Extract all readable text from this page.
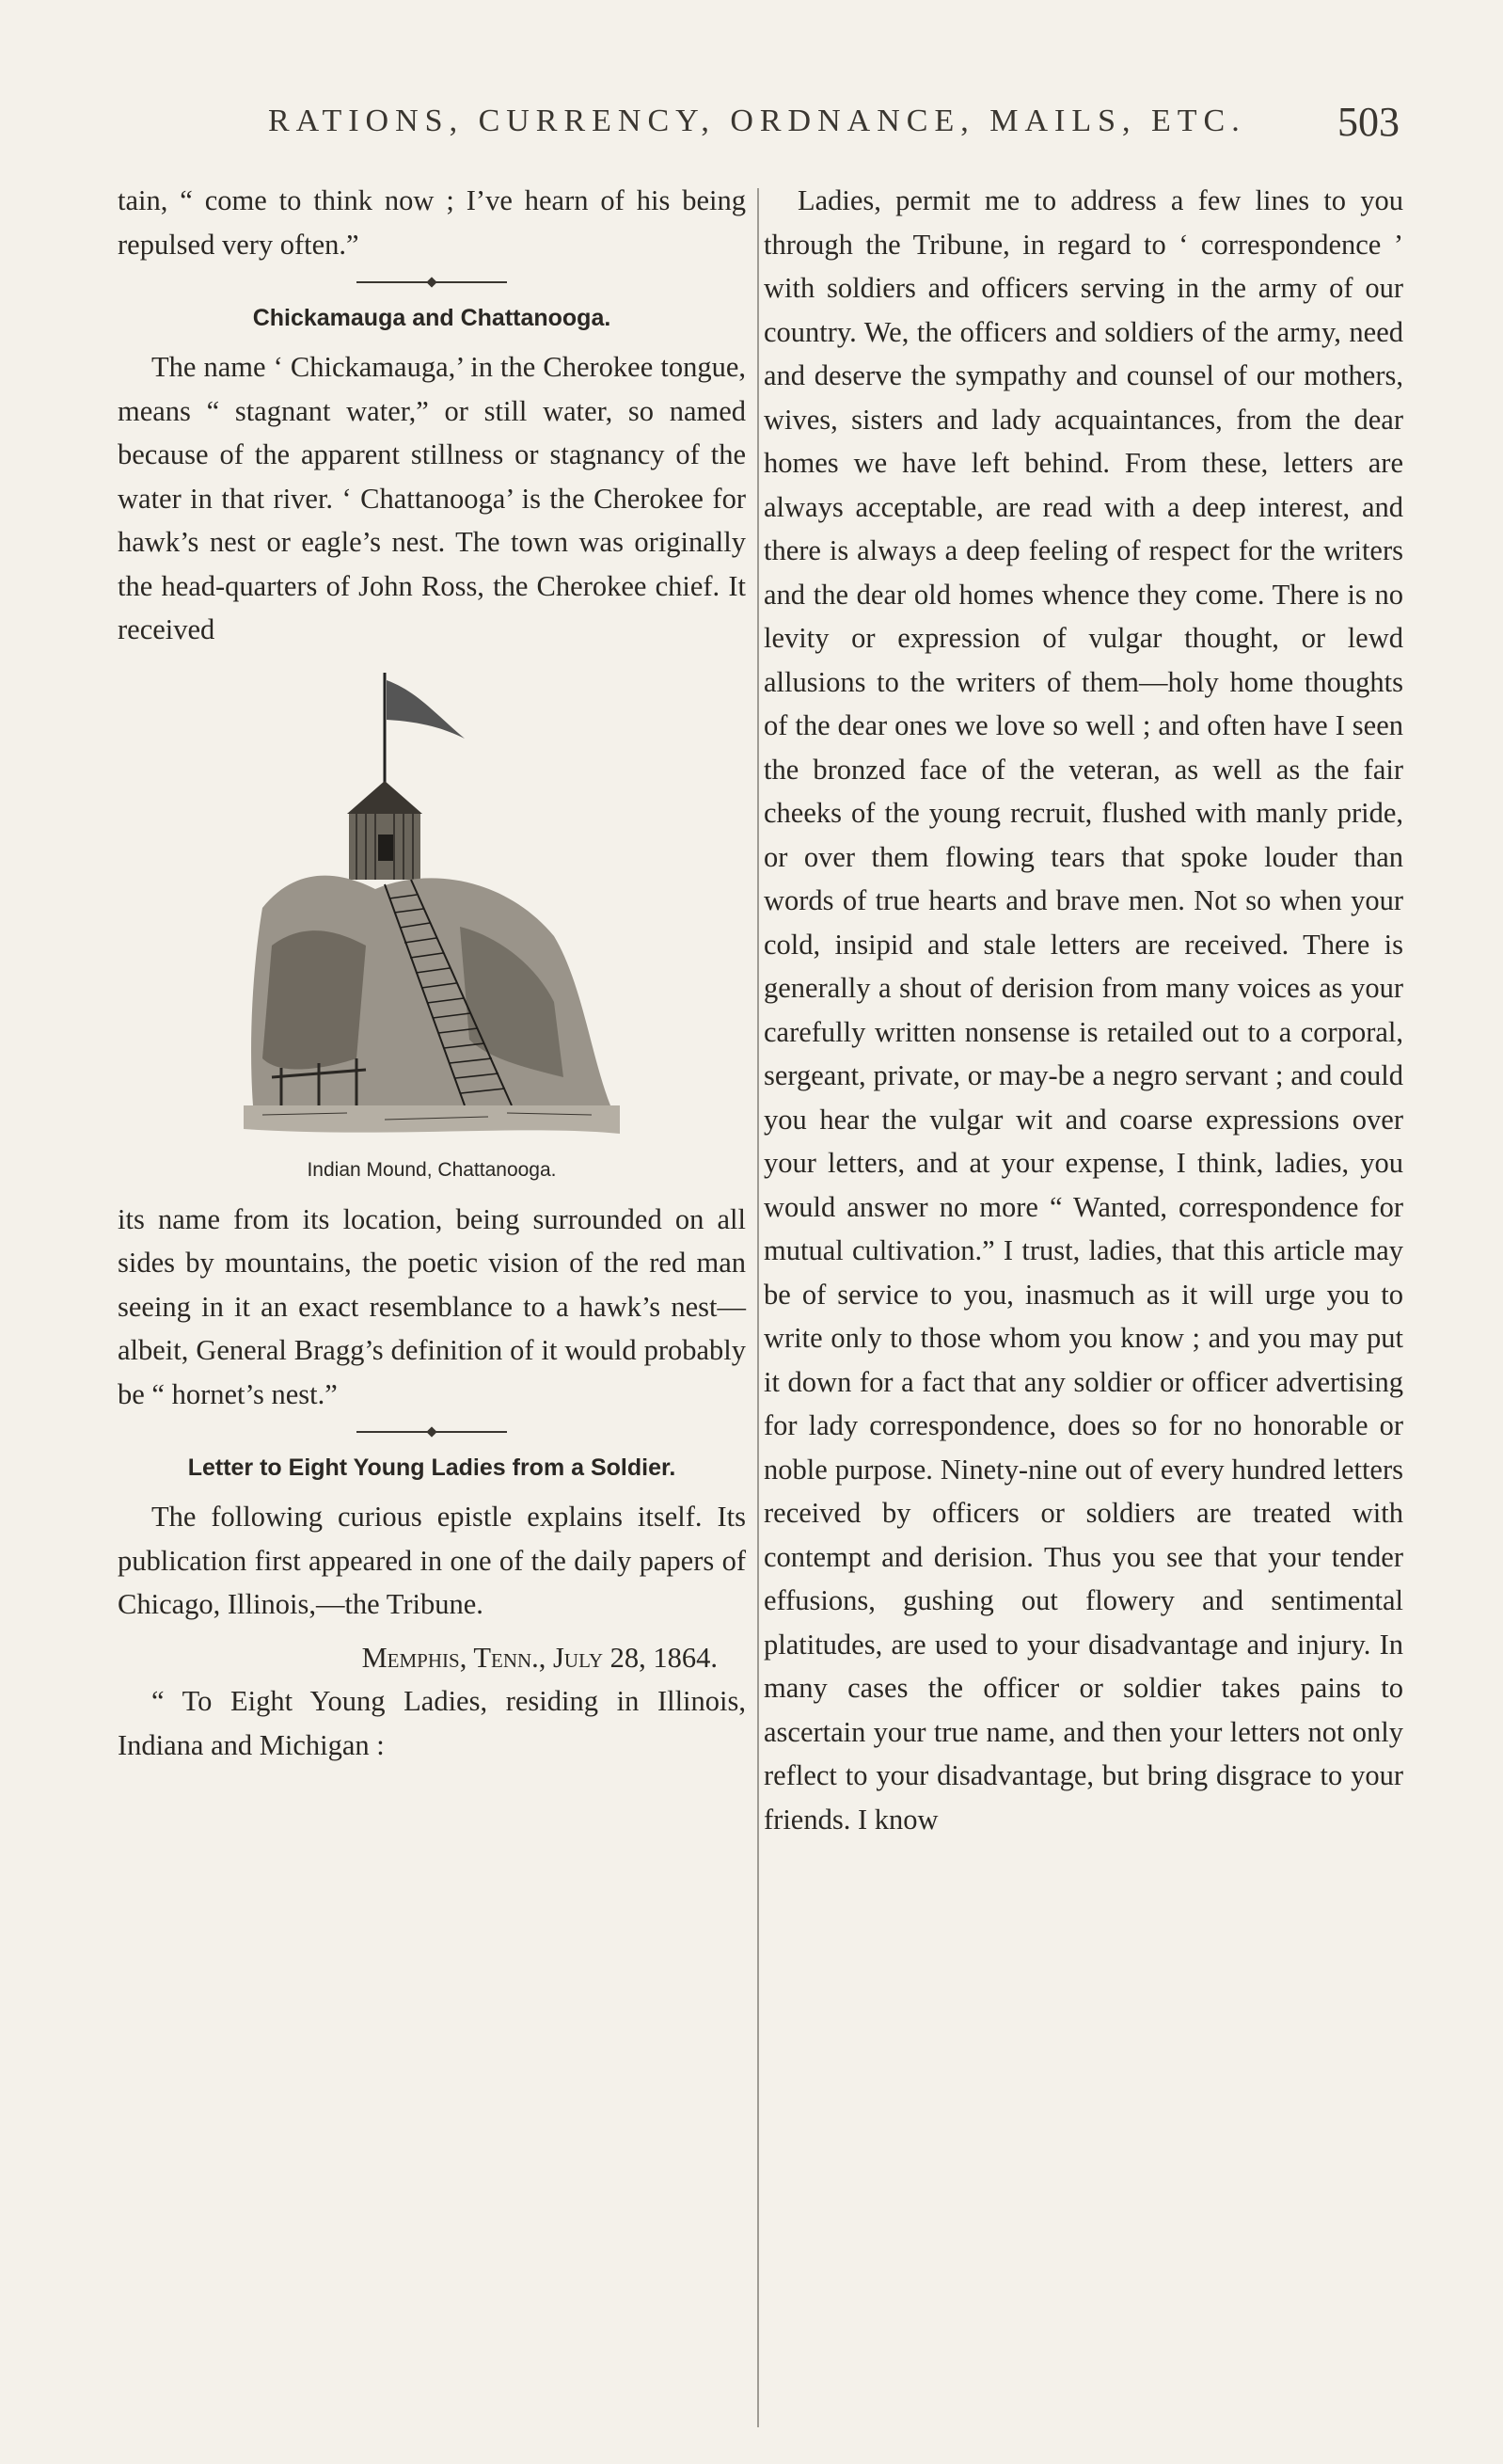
RATIONS, CURRENCY, ORDNANCE, MAILS, ETC. 503

tain, “ come to think now ; I’ve hearn of his being repulsed very often.”

Chickamauga and Chattanooga.

The name ‘ Chickamauga,’ in the Cherokee tongue, means “ stagnant water,” or still water, so named because of the apparent stillness or stagnancy of the water in that river. ‘ Chattanooga’ is the Cherokee for hawk’s nest or eagle’s nest. The town was originally the head-quarters of John Ross, the Cherokee chief. It received

Indian Mound, Chattanooga.

its name from its location, being surrounded on all sides by mountains, the poetic vision of the red man seeing in it an exact resemblance to a hawk’s nest—albeit, General Bragg’s definition of it would probably be “ hornet’s nest.”

Letter to Eight Young Ladies from a Soldier.

The following curious epistle explains itself. Its publication first appeared in one of the daily papers of Chicago, Illinois,—the Tribune.

Memphis, Tenn., July 28, 1864.

“ To Eight Young Ladies, residing in Illinois, Indiana and Michigan :

Ladies, permit me to address a few lines to you through the Tribune, in regard to ‘ correspondence ’ with soldiers and officers serving in the army of our country. We, the officers and soldiers of the army, need and deserve the sympathy and counsel of our mothers, wives, sisters and lady acquaintances, from the dear homes we have left behind. From these, letters are always acceptable, are read with a deep interest, and there is always a deep feeling of respect for the writers and the dear old homes whence they come. There is no levity or expression of vulgar thought, or lewd allusions to the writers of them—holy home thoughts of the dear ones we love so well ; and often have I seen the bronzed face of the veteran, as well as the fair cheeks of the young recruit, flushed with manly pride, or over them flowing tears that spoke louder than words of true hearts and brave men. Not so when your cold, insipid and stale letters are received. There is generally a shout of derision from many voices as your carefully written nonsense is retailed out to a corporal, sergeant, private, or may-be a negro servant ; and could you hear the vulgar wit and coarse expressions over your letters, and at your expense, I think, ladies, you would answer no more “ Wanted, correspondence for mutual cultivation.” I trust, ladies, that this article may be of service to you, inasmuch as it will urge you to write only to those whom you know ; and you may put it down for a fact that any soldier or officer advertising for lady correspondence, does so for no honorable or noble purpose. Ninety-nine out of every hundred letters received by officers or soldiers are treated with contempt and derision. Thus you see that your tender effusions, gushing out flowery and sentimental platitudes, are used to your disadvantage and injury. In many cases the officer or soldier takes pains to ascertain your true name, and then your letters not only reflect to your disadvantage, but bring disgrace to your friends. I know
